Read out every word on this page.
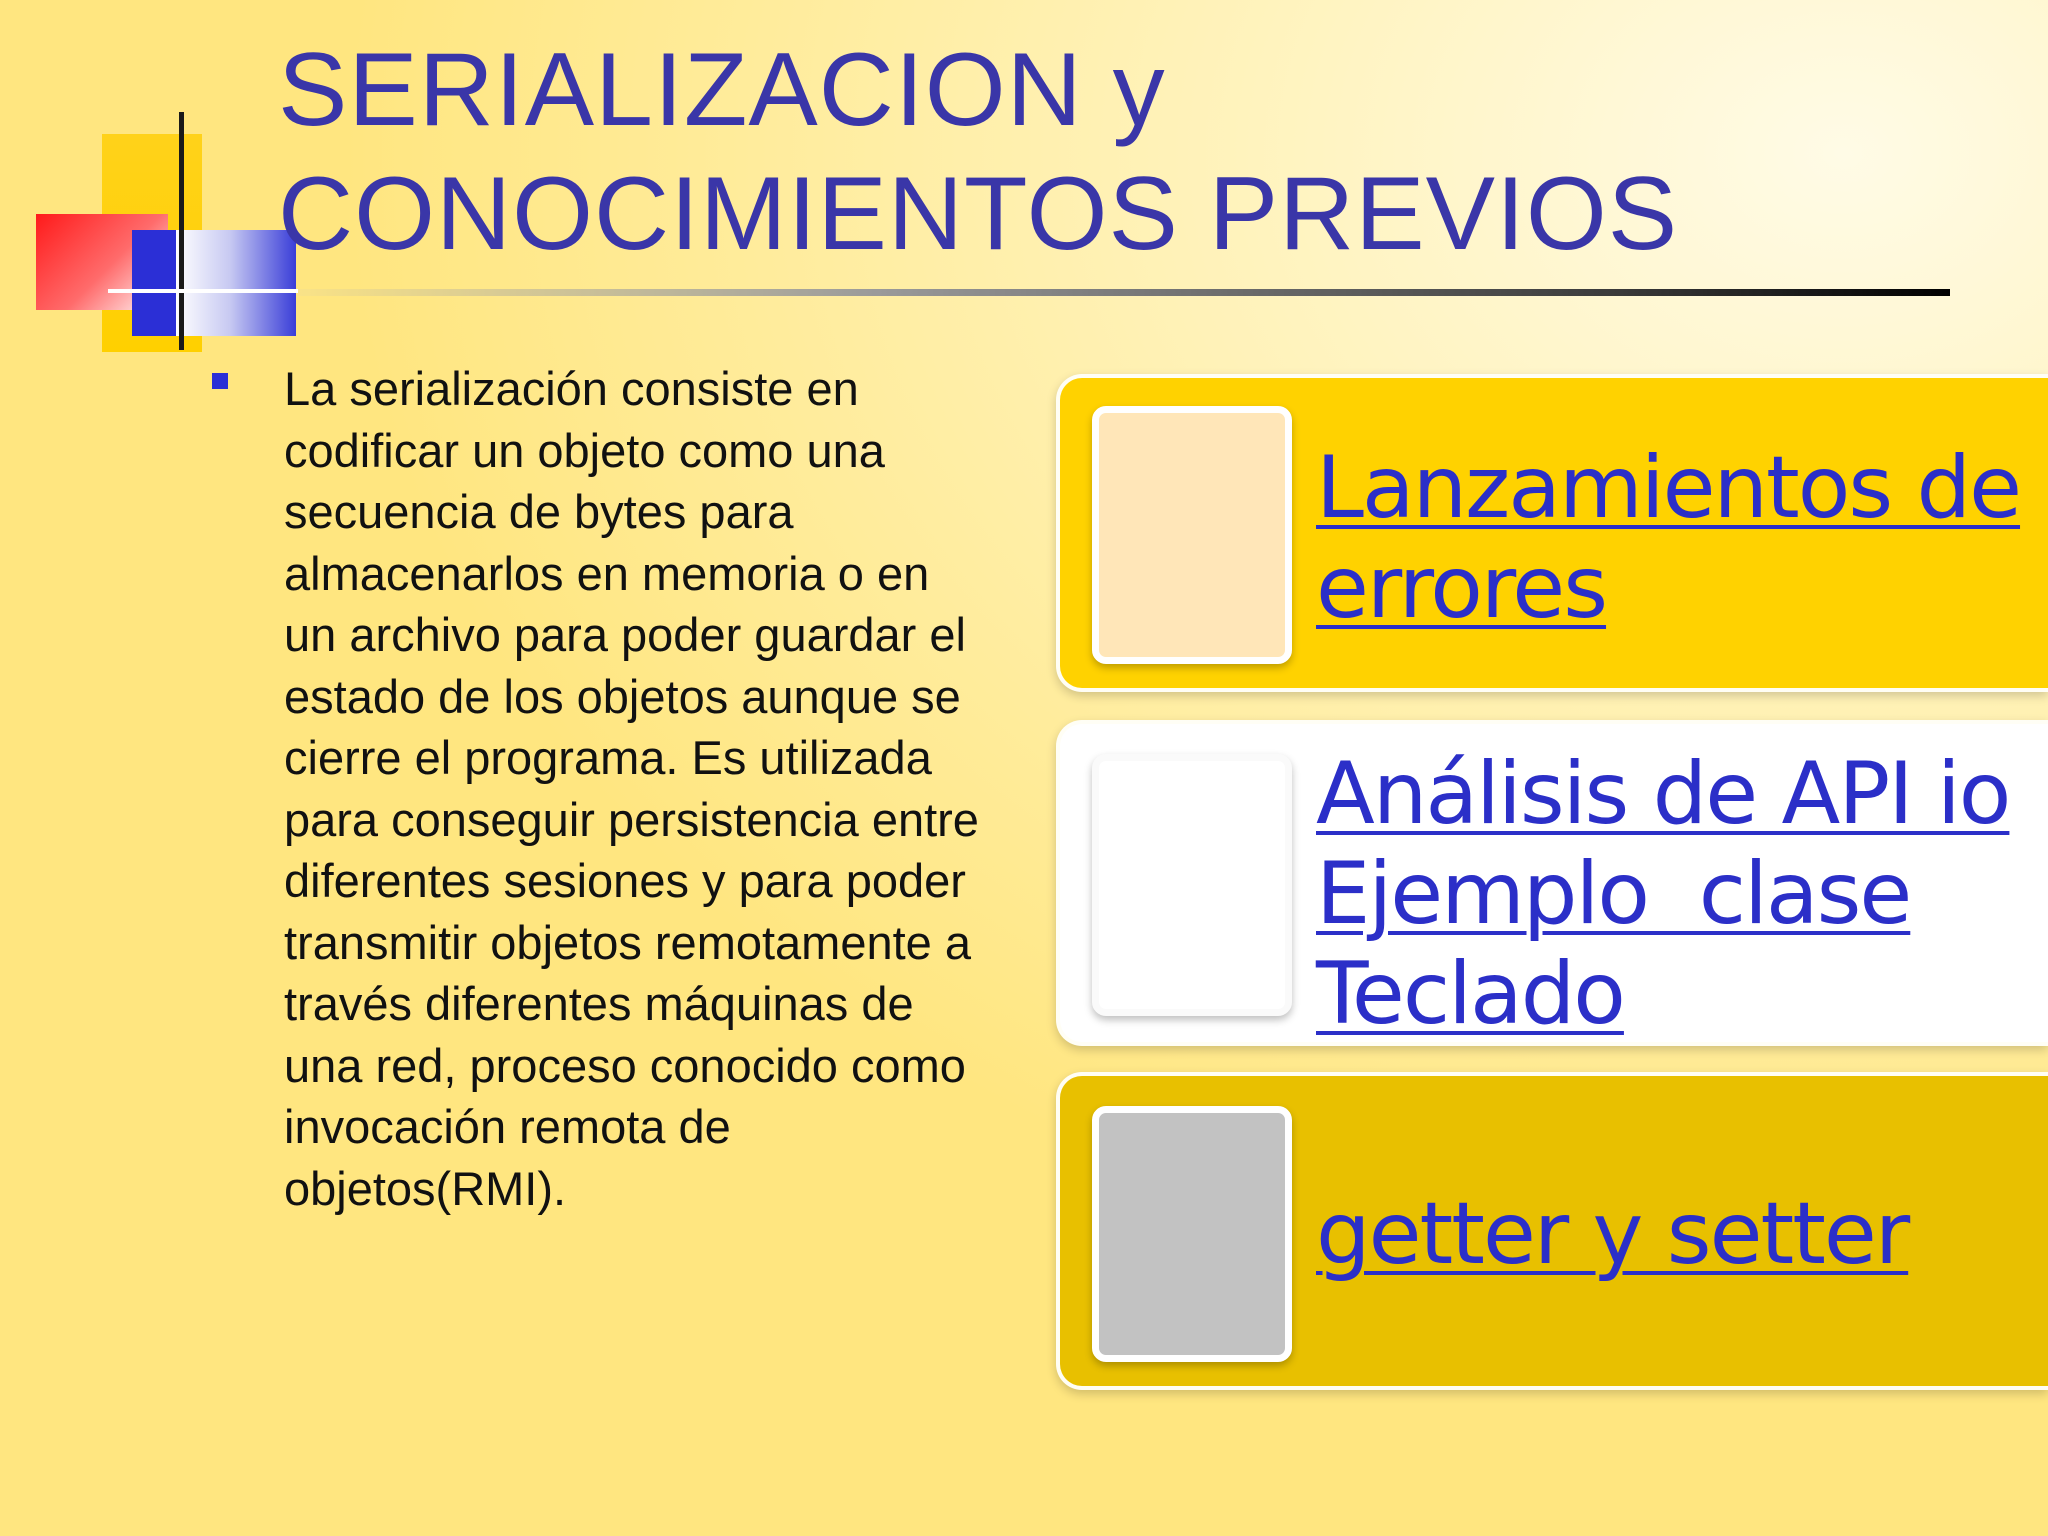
SERIALIZACION y
CONOCIMIENTOS PREVIOS
La serialización consiste en
codificar un objeto como una
secuencia de bytes para
almacenarlos en memoria o en
un archivo para poder guardar el
estado de los objetos aunque se
cierre el programa. Es utilizada
para conseguir persistencia entre
diferentes sesiones y para poder
transmitir objetos remotamente a
través diferentes máquinas de
una red, proceso conocido como
invocación remota de
objetos(RMI).
Lanzamientos de
errores
Análisis de API io
Ejemplo  clase
Teclado
getter y setter
